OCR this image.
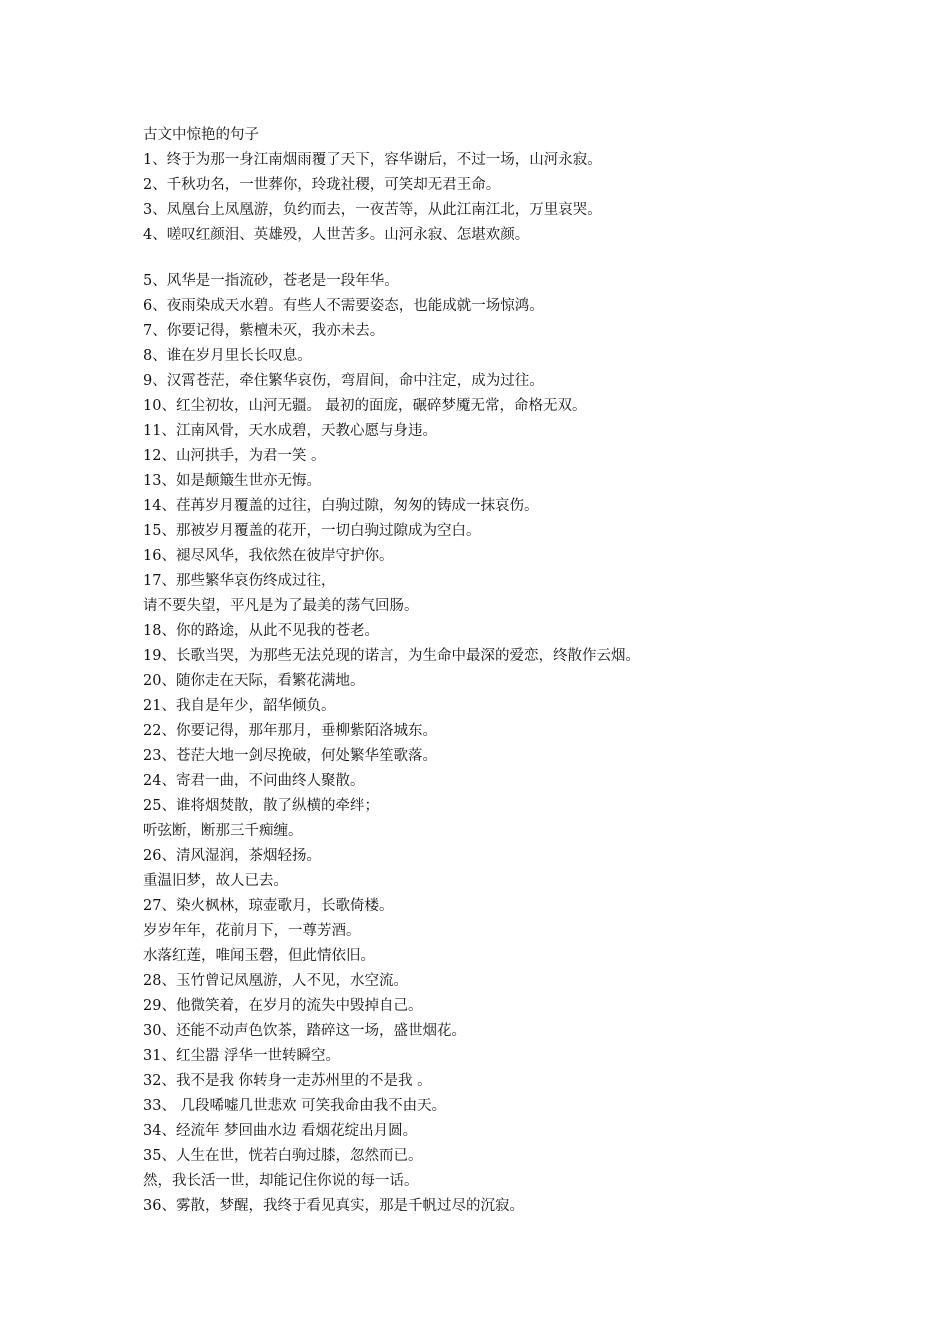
古文中惊艳的句子
1、终于为那一身江南烟雨覆了天下，容华谢后，不过一场，山河永寂。
2、千秋功名，一世葬你，玲珑社稷，可笑却无君王命。
3、凤凰台上凤凰游，负约而去，一夜苦等，从此江南江北，万里哀哭。
4、嗟叹红颜泪、英雄殁，人世苦多。山河永寂、怎堪欢颜。
5、风华是一指流砂，苍老是一段年华。
6、夜雨染成天水碧。有些人不需要姿态，也能成就一场惊鸿。
7、你要记得，紫檀未灭，我亦未去。
8、谁在岁月里长长叹息。
9、汉霄苍茫，牵住繁华哀伤，弯眉间，命中注定，成为过往。
10、红尘初妆，山河无疆。 最初的面庞，碾碎梦魇无常，命格无双。
11、江南风骨，天水成碧，天教心愿与身违。
12、山河拱手，为君一笑 。
13、如是颠簸生世亦无悔。
14、荏苒岁月覆盖的过往，白驹过隙，匆匆的铸成一抹哀伤。
15、那被岁月覆盖的花开，一切白驹过隙成为空白。
16、褪尽风华，我依然在彼岸守护你。
17、那些繁华哀伤终成过往，
请不要失望，平凡是为了最美的荡气回肠。
18、你的路途，从此不见我的苍老。
19、长歌当哭，为那些无法兑现的诺言，为生命中最深的爱恋，终散作云烟。
20、随你走在天际，看繁花满地。
21、我自是年少，韶华倾负。
22、你要记得，那年那月，垂柳紫陌洛城东。
23、苍茫大地一剑尽挽破，何处繁华笙歌落。
24、寄君一曲，不问曲终人聚散。
25、谁将烟焚散，散了纵横的牵绊；
听弦断，断那三千痴缠。
26、清风湿润，茶烟轻扬。
重温旧梦，故人已去。
27、染火枫林，琼壶歌月，长歌倚楼。
岁岁年年，花前月下，一尊芳酒。
水落红莲，唯闻玉磬，但此情依旧。
28、玉竹曾记凤凰游，人不见，水空流。
29、他微笑着，在岁月的流失中毁掉自己。
30、还能不动声色饮茶，踏碎这一场，盛世烟花。
31、红尘嚣 浮华一世转瞬空。
32、我不是我 你转身一走苏州里的不是我 。
33、 几段唏嘘几世悲欢 可笑我命由我不由天。
34、经流年 梦回曲水边 看烟花绽出月圆。
35、人生在世，恍若白驹过膝，忽然而已。
然，我长活一世，却能记住你说的每一话。
36、雾散，梦醒，我终于看见真实，那是千帆过尽的沉寂。
